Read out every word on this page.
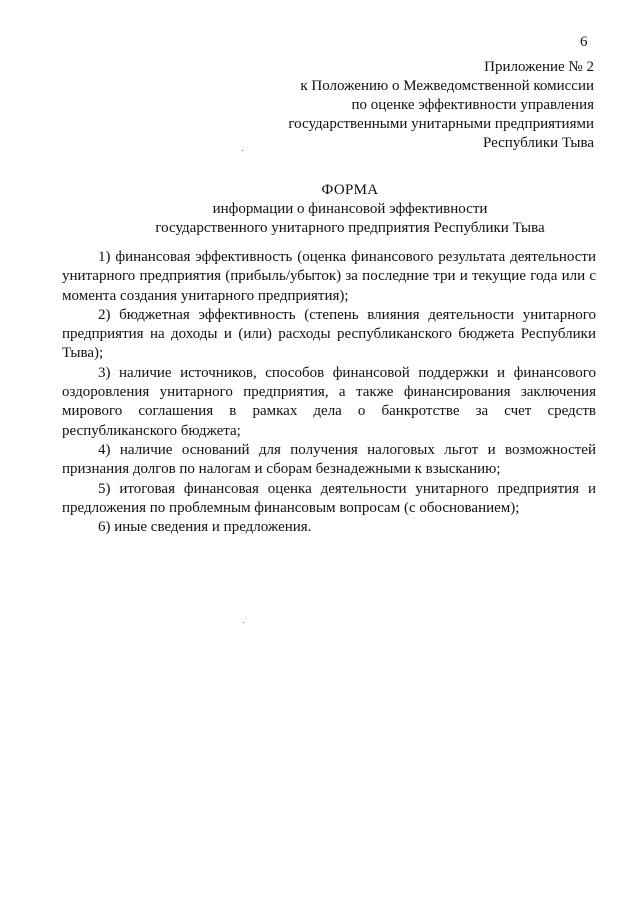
6
Приложение № 2
к Положению о Межведомственной комиссии
по оценке эффективности управления
государственными унитарными предприятиями
Республики Тыва
ФОРМА
информации о финансовой эффективности
государственного унитарного предприятия Республики Тыва

1) финансовая эффективность (оценка финансового результата деятельности унитарного предприятия (прибыль/убыток) за последние три и текущие года или с момента создания унитарного предприятия);

2) бюджетная эффективность (степень влияния деятельности унитарного предприятия на доходы и (или) расходы республиканского бюджета Республики Тыва);

3) наличие источников, способов финансовой поддержки и финансового оздоровления унитарного предприятия, а также финансирования заключения мирового соглашения в рамках дела о банкротстве за счет средств республиканского бюджета;

4) наличие оснований для получения налоговых льгот и возможностей признания долгов по налогам и сборам безнадежными к взысканию;

5) итоговая финансовая оценка деятельности унитарного предприятия и предложения по проблемным финансовым вопросам (с обоснованием);

6) иные сведения и предложения.
